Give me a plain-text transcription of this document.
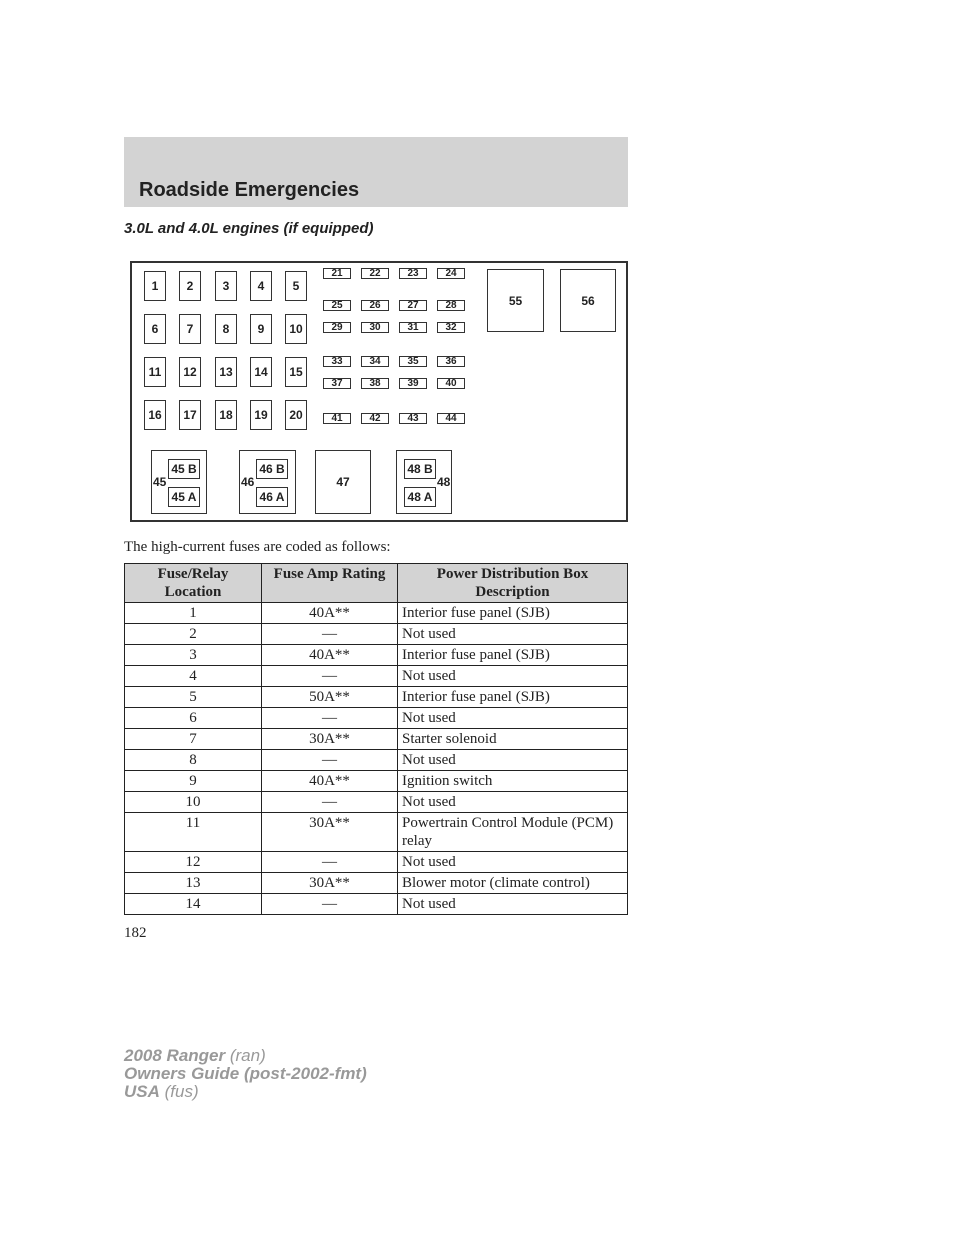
Roadside Emergencies
3.0L and 4.0L engines (if equipped)
1	2	3	4	5
6	7	8	9	10
11	12	13	14	15
16	17	18	19	20
21	22	23	24
25	26	27	28
29	30	31	32
33	34	35	36
37	38	39	40
41	42	43	44
55	56
47
45 B
45 A
45
46 B
46 A
46
48 B
48 A
48
The high-current fuses are coded as follows:
Fuse/Relay Location	Fuse Amp Rating	Power Distribution Box Description
1	40A**	Interior fuse panel (SJB)
2	—	Not used
3	40A**	Interior fuse panel (SJB)
4	—	Not used
5	50A**	Interior fuse panel (SJB)
6	—	Not used
7	30A**	Starter solenoid
8	—	Not used
9	40A**	Ignition switch
10	—	Not used
11	30A**	Powertrain Control Module (PCM) relay
12	—	Not used
13	30A**	Blower motor (climate control)
14	—	Not used
182
2008 Ranger (ran)
Owners Guide (post-2002-fmt)
USA (fus)
